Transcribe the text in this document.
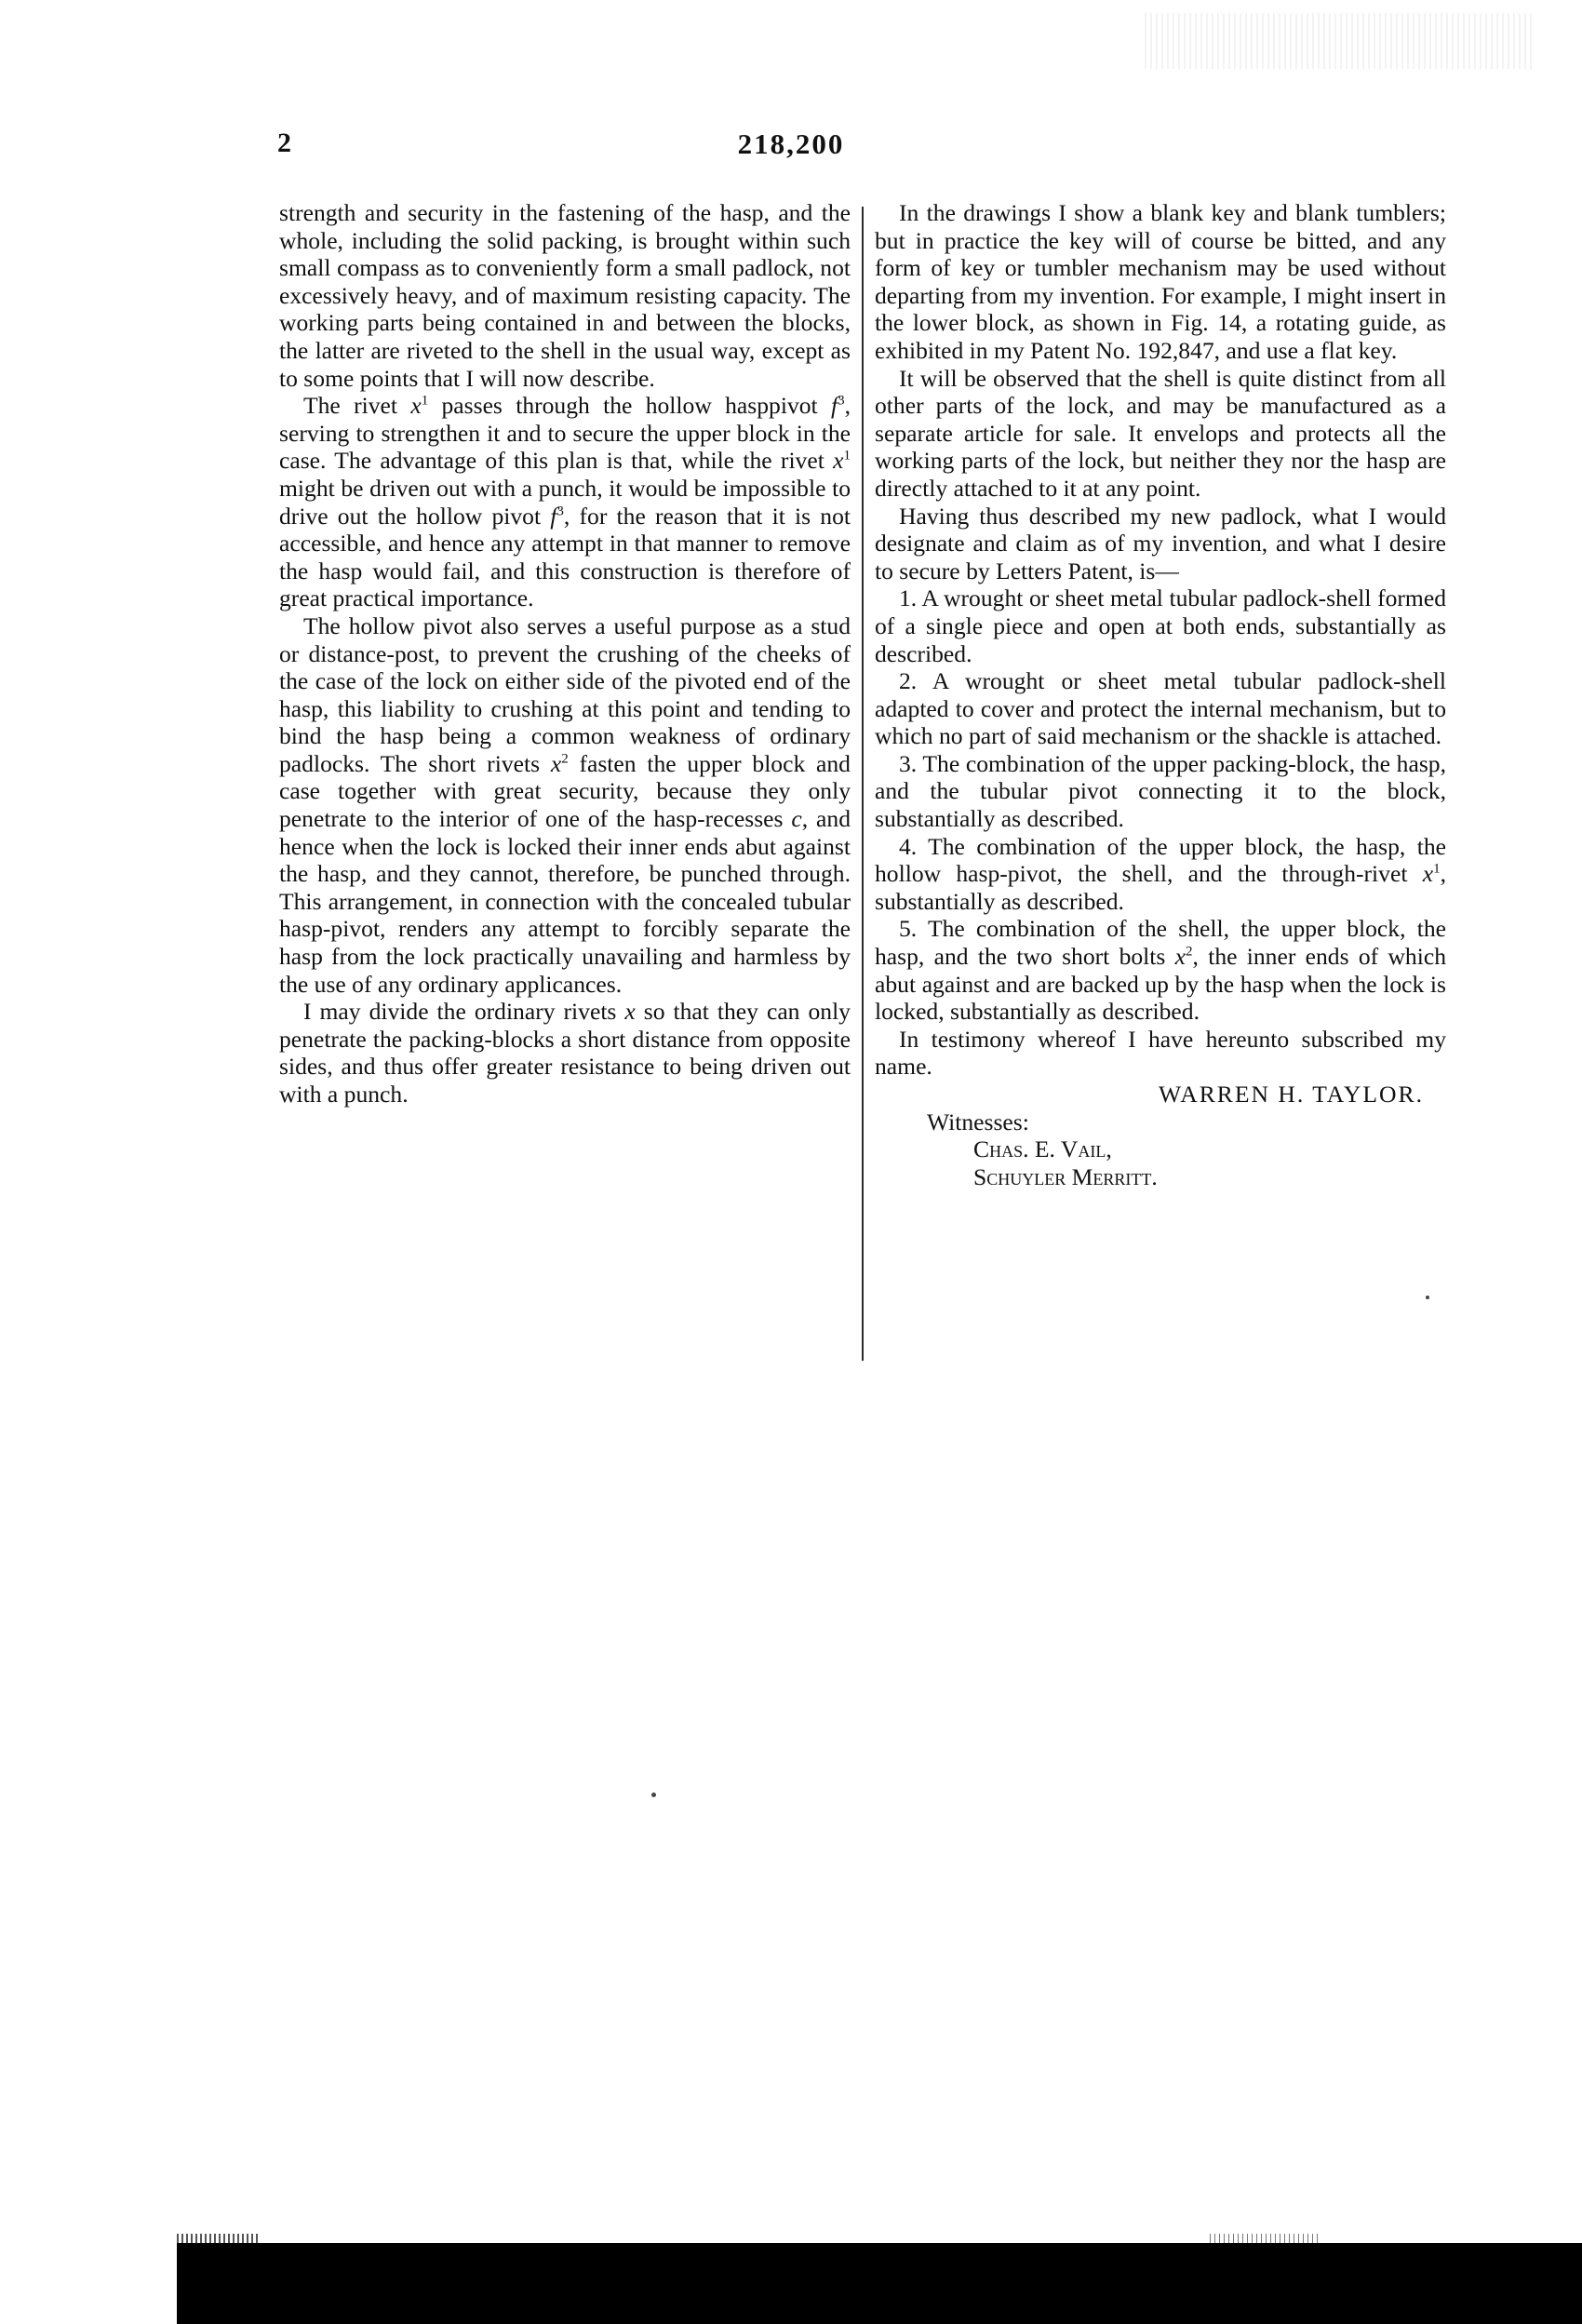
2	218,200

strength and security in the fastening of the hasp, and the whole, including the solid packing, is brought within such small compass as to conveniently form a small padlock, not excessively heavy, and of maximum resisting capacity. The working parts being contained in and between the blocks, the latter are riveted to the shell in the usual way, except as to some points that I will now describe.

The rivet $x^1$ passes through the hollow hasppivot $f^3$, serving to strengthen it and to secure the upper block in the case. The advantage of this plan is that, while the rivet $x^1$ might be driven out with a punch, it would be impossible to drive out the hollow pivot $f^3$, for the reason that it is not accessible, and hence any attempt in that manner to remove the hasp would fail, and this construction is therefore of great practical importance.

The hollow pivot also serves a useful purpose as a stud or distance-post, to prevent the crushing of the cheeks of the case of the lock on either side of the pivoted end of the hasp, this liability to crushing at this point and tending to bind the hasp being a common weakness of ordinary padlocks. The short rivets $x^2$ fasten the upper block and case together with great security, because they only penetrate to the interior of one of the hasp-recesses c, and hence when the lock is locked their inner ends abut against the hasp, and they cannot, therefore, be punched through. This arrangement, in connection with the concealed tubular hasp-pivot, renders any attempt to forcibly separate the hasp from the lock practically unavailing and harmless by the use of any ordinary applicances.

I may divide the ordinary rivets x so that they can only penetrate the packing-blocks a short distance from opposite sides, and thus offer greater resistance to being driven out with a punch.

In the drawings I show a blank key and blank tumblers; but in practice the key will of course be bitted, and any form of key or tumbler mechanism may be used without departing from my invention. For example, I might insert in the lower block, as shown in Fig. 14, a rotating guide, as exhibited in my Patent No. 192,847, and use a flat key.

It will be observed that the shell is quite distinct from all other parts of the lock, and may be manufactured as a separate article for sale. It envelops and protects all the working parts of the lock, but neither they nor the hasp are directly attached to it at any point.

Having thus described my new padlock, what I would designate and claim as of my invention, and what I desire to secure by Letters Patent, is—

1. A wrought or sheet metal tubular padlock-shell formed of a single piece and open at both ends, substantially as described.

2. A wrought or sheet metal tubular padlock-shell adapted to cover and protect the internal mechanism, but to which no part of said mechanism or the shackle is attached.

3. The combination of the upper packing-block, the hasp, and the tubular pivot connecting it to the block, substantially as described.

4. The combination of the upper block, the hasp, the hollow hasp-pivot, the shell, and the through-rivet $x^1$, substantially as described.

5. The combination of the shell, the upper block, the hasp, and the two short bolts $x^2$, the inner ends of which abut against and are backed up by the hasp when the lock is locked, substantially as described.

In testimony whereof I have hereunto subscribed my name.

WARREN H. TAYLOR.

Witnesses:

Chas. E. Vail,

Schuyler Merritt.
